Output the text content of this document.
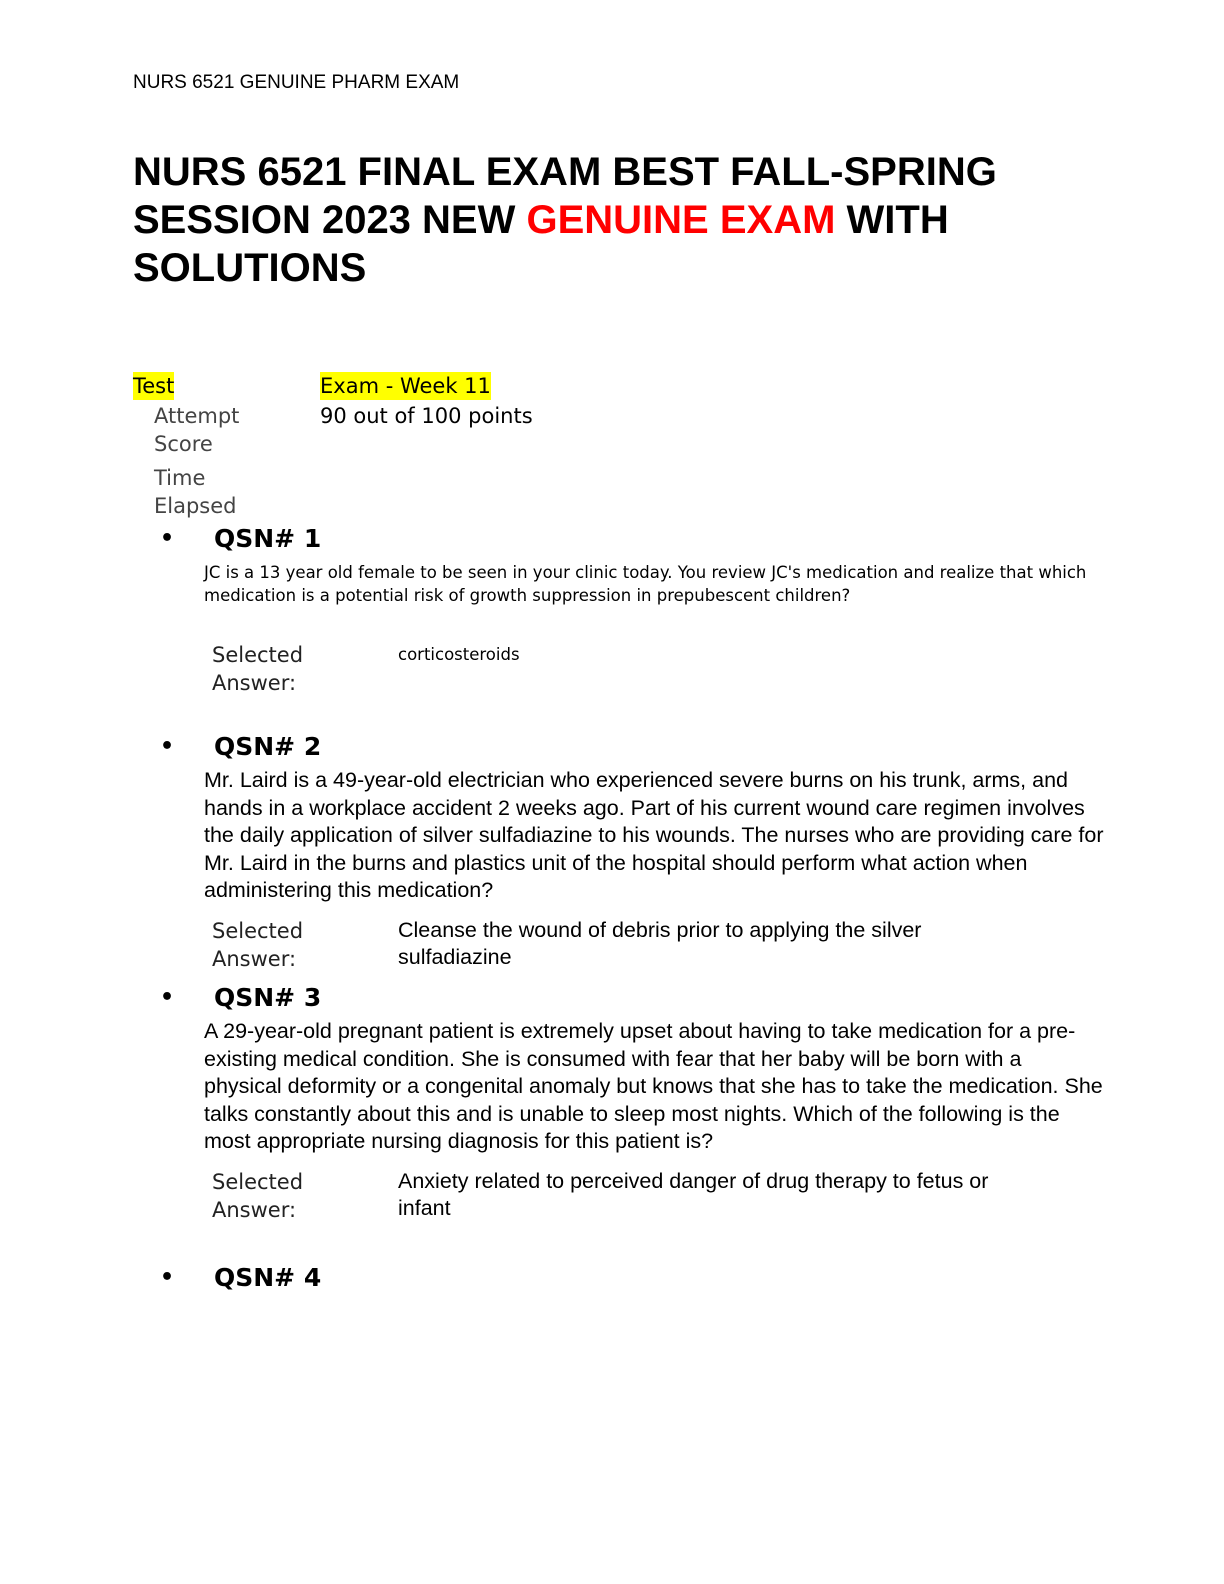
NURS 6521 GENUINE PHARM EXAM
NURS 6521 FINAL EXAM BEST FALL-SPRING SESSION 2023 NEW GENUINE EXAM WITH SOLUTIONS
Test	Exam - Week 11
Attempt Score
90 out of 100 points
Time Elapsed
•	QSN# 1
JC is a 13 year old female to be seen in your clinic today. You review JC's medication and realize that which medication is a potential risk of growth suppression in prepubescent children?
Selected Answer:
corticosteroids
•	QSN# 2
Mr. Laird is a 49-year-old electrician who experienced severe burns on his trunk, arms, and hands in a workplace accident 2 weeks ago. Part of his current wound care regimen involves the daily application of silver sulfadiazine to his wounds. The nurses who are providing care for Mr. Laird in the burns and plastics unit of the hospital should perform what action when administering this medication?
Selected Answer:
Cleanse the wound of debris prior to applying the silver sulfadiazine
•	QSN# 3
A 29-year-old pregnant patient is extremely upset about having to take medication for a pre-existing medical condition. She is consumed with fear that her baby will be born with a physical deformity or a congenital anomaly but knows that she has to take the medication. She talks constantly about this and is unable to sleep most nights. Which of the following is the most appropriate nursing diagnosis for this patient is?
Selected Answer:
Anxiety related to perceived danger of drug therapy to fetus or infant
•	QSN# 4
